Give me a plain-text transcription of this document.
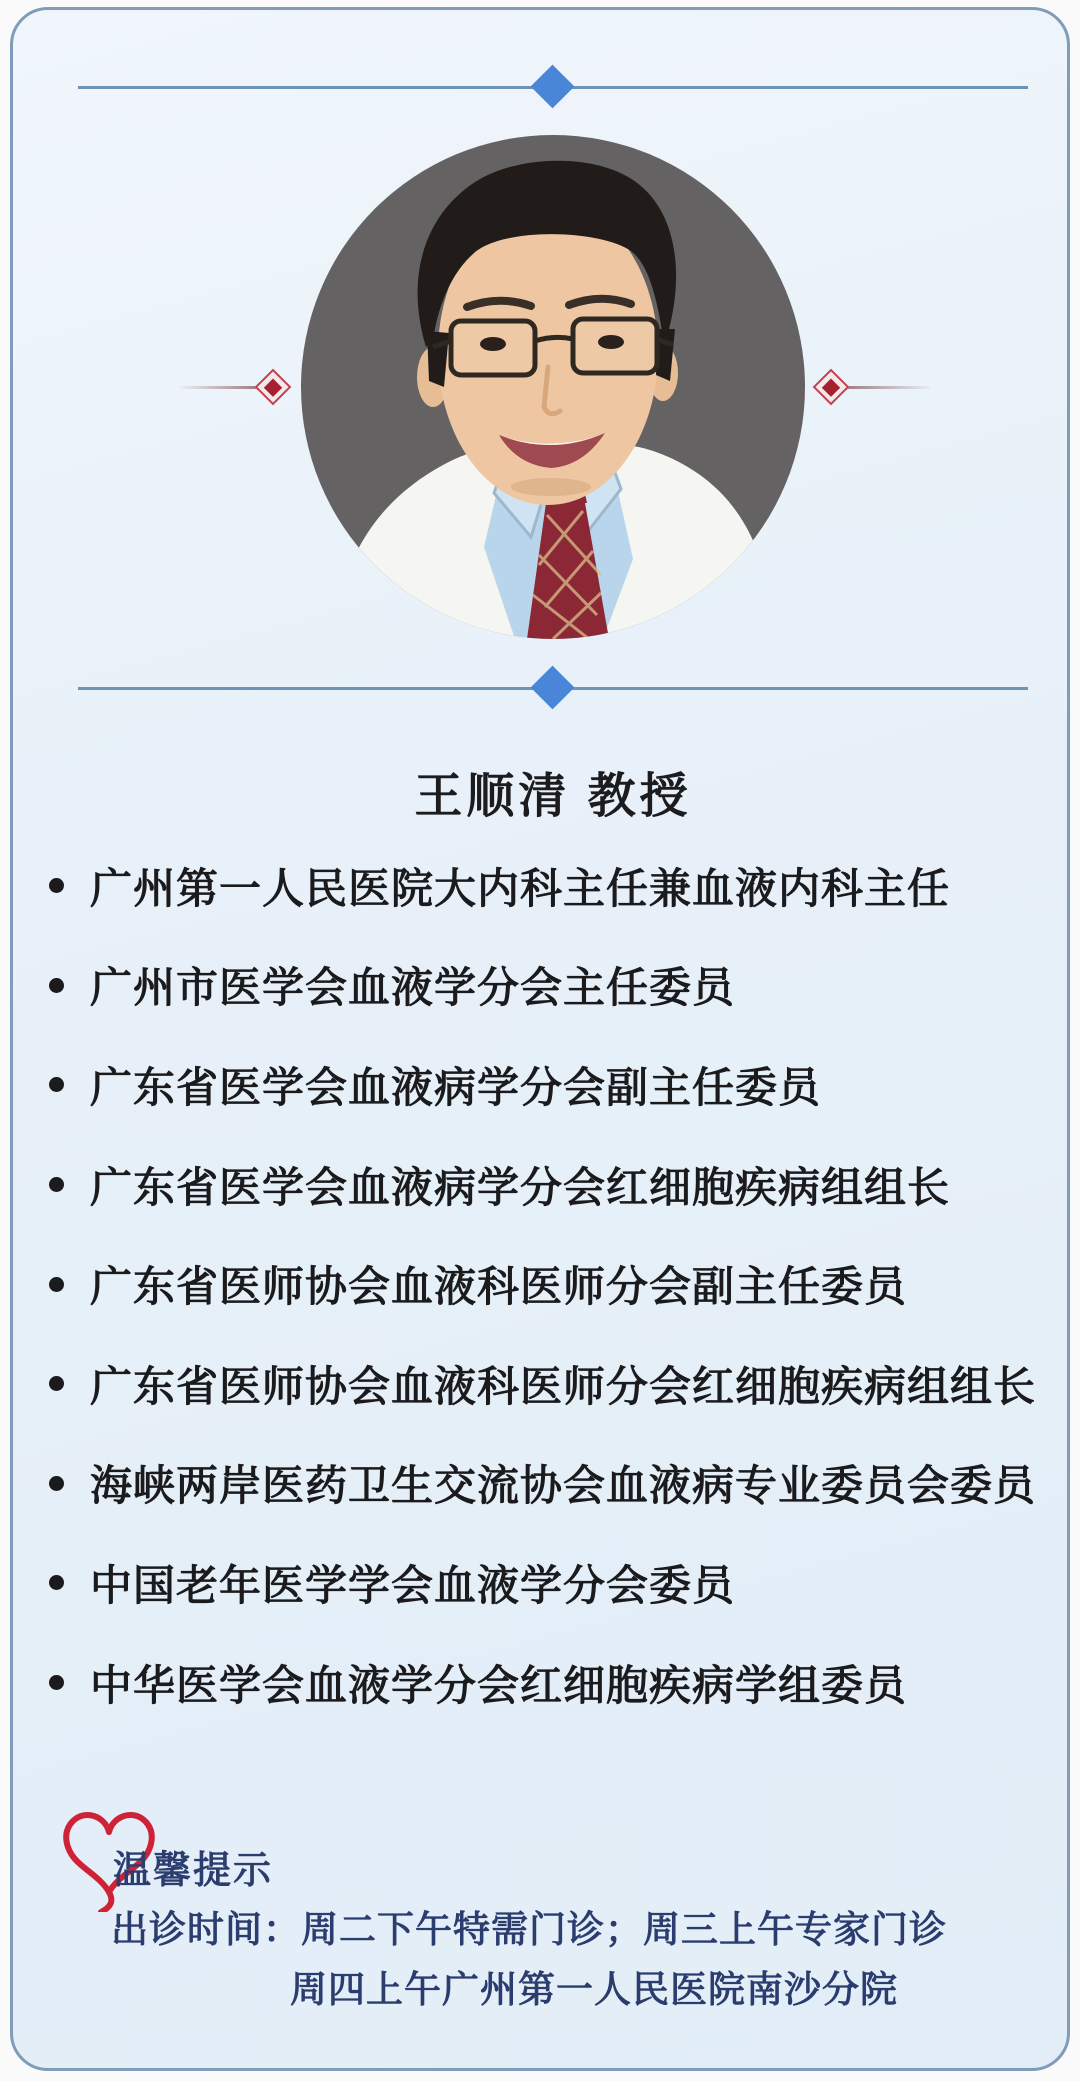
王顺清 教授
广州第一人民医院大内科主任兼血液内科主任
广州市医学会血液学分会主任委员
广东省医学会血液病学分会副主任委员
广东省医学会血液病学分会红细胞疾病组组长
广东省医师协会血液科医师分会副主任委员
广东省医师协会血液科医师分会红细胞疾病组组长
海峡两岸医药卫生交流协会血液病专业委员会委员
中国老年医学学会血液学分会委员
中华医学会血液学分会红细胞疾病学组委员
温馨提示
出诊时间：周二下午特需门诊；周三上午专家门诊
周四上午广州第一人民医院南沙分院
